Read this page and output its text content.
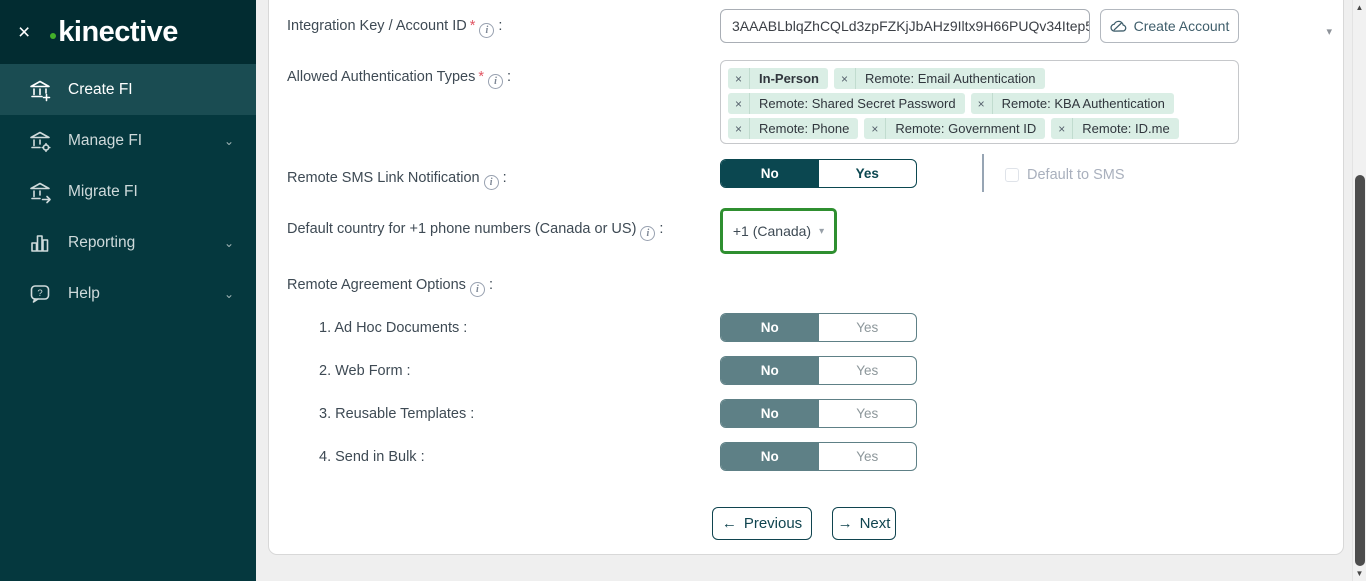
× kinective
Create FI
Manage FI	⌄
Migrate FI
Reporting	⌄
? Help	⌄
Integration Key / Account ID * i :
3AAABLblqZhCQLd3zpFZKjJbAHz9Iltx9H66PUQv34Itep5	Create Account
Allowed Authentication Types * i :	×	In-Person	×	Remote: Email Authentication
×	Remote: Shared Secret Password	×	Remote: KBA Authentication
×	Remote: Phone	×	Remote: Government ID	×	Remote: ID.me
▾
Remote SMS Link Notification i :	No	Yes	Default to SMS
Default country for +1 phone numbers (Canada or US) i :	+1 (Canada) ▾
Remote Agreement Options i :
1. Ad Hoc Documents :	No	Yes
2. Web Form :	No	Yes
3. Reusable Templates :	No	Yes
4. Send in Bulk :	No	Yes
← Previous → Next
▲
▼
